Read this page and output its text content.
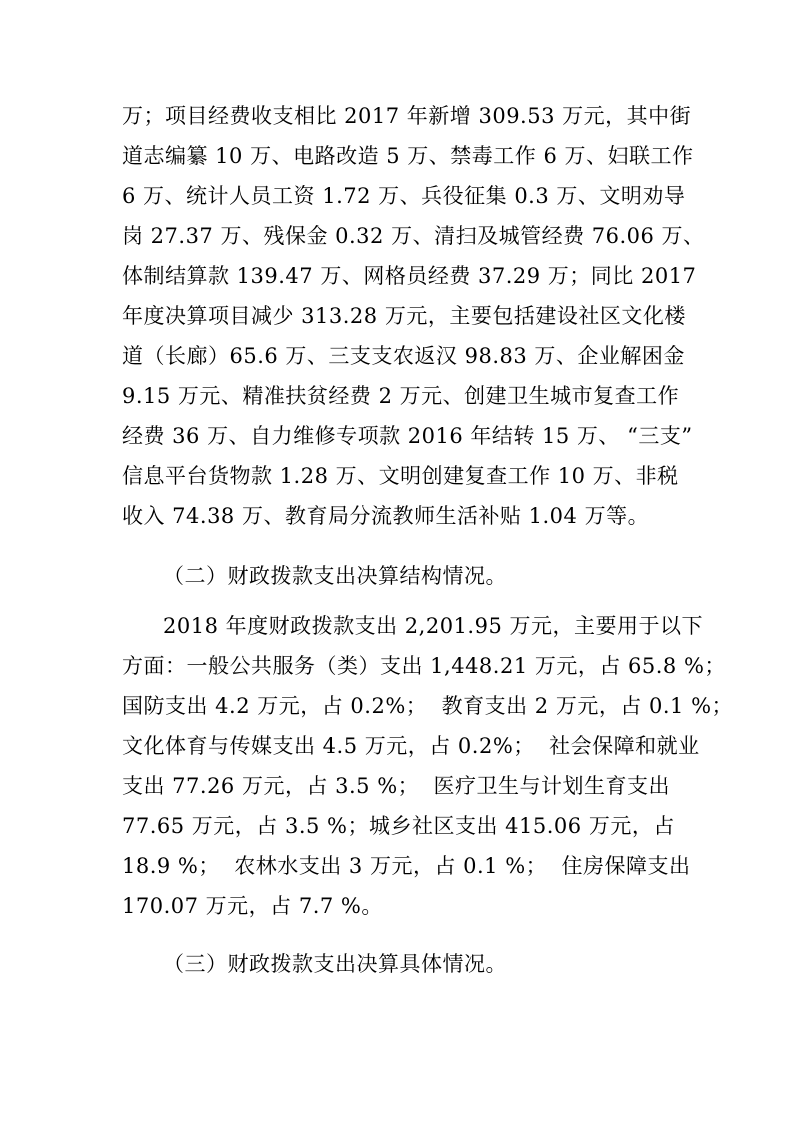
万；项目经费收支相比 2017 年新增 309.53 万元，其中街
道志编纂 10 万、电路改造 5 万、禁毒工作 6 万、妇联工作
6 万、统计人员工资 1.72 万、兵役征集 0.3 万、文明劝导
岗 27.37 万、残保金 0.32 万、清扫及城管经费 76.06 万、
体制结算款 139.47 万、网格员经费 37.29 万；同比 2017
年度决算项目减少 313.28 万元，主要包括建设社区文化楼
道（长廊）65.6 万、三支支农返汉 98.83 万、企业解困金
9.15 万元、精准扶贫经费 2 万元、创建卫生城市复查工作
经费 36 万、自力维修专项款 2016 年结转 15 万、 “三支”
信息平台货物款 1.28 万、文明创建复查工作 10 万、非税
收入 74.38 万、教育局分流教师生活补贴 1.04 万等。
（二）财政拨款支出决算结构情况。
2018 年度财政拨款支出 2,201.95 万元，主要用于以下
方面：一般公共服务（类）支出 1,448.21 万元，占 65.8 %；
国防支出 4.2 万元，占 0.2%；  教育支出 2 万元，占 0.1 %；
文化体育与传媒支出 4.5 万元，占 0.2%；  社会保障和就业
支出 77.26 万元，占 3.5 %；  医疗卫生与计划生育支出
77.65 万元，占 3.5 %；城乡社区支出 415.06 万元，占
18.9 %；  农林水支出 3 万元，占 0.1 %；  住房保障支出
170.07 万元，占 7.7 %。
（三）财政拨款支出决算具体情况。
